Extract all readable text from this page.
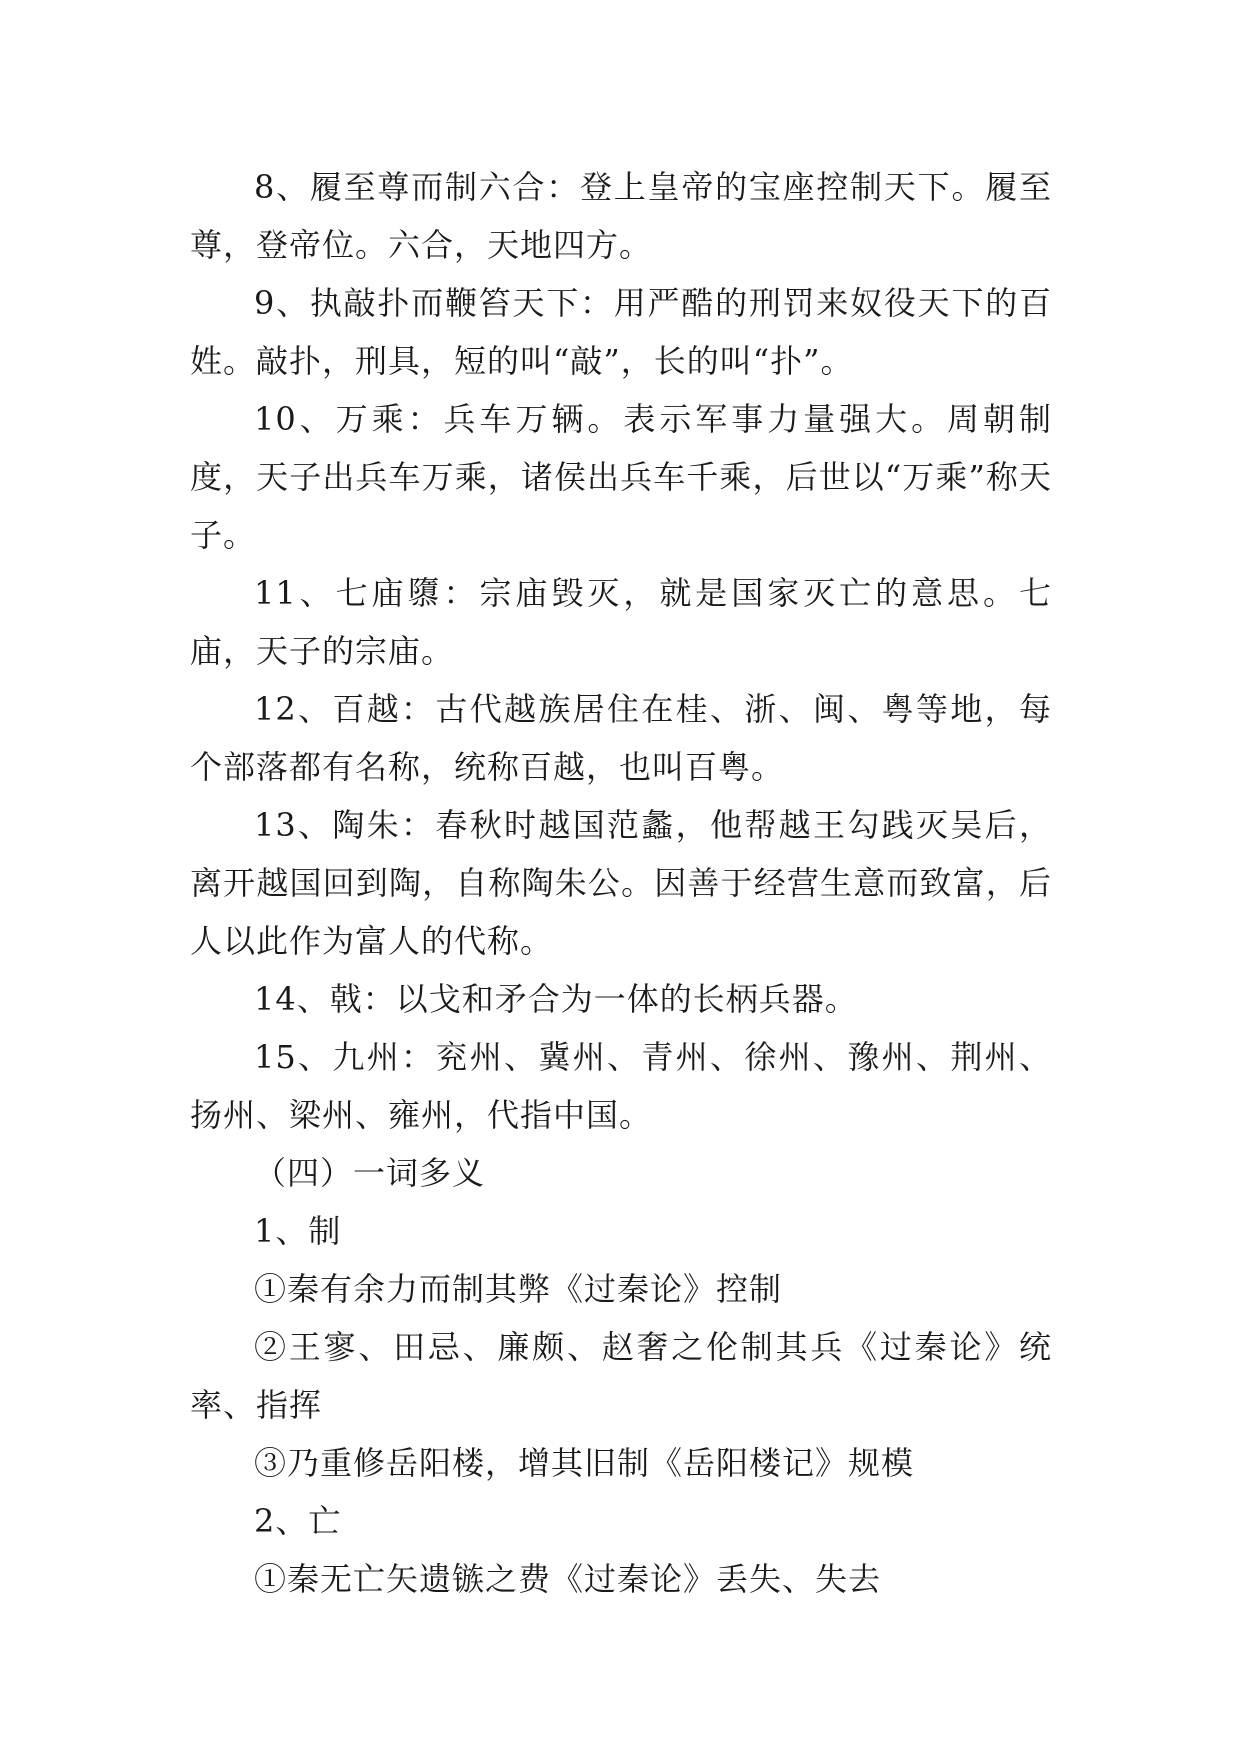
8、履至尊而制六合：登上皇帝的宝座控制天下。履至尊，登帝位。六合，天地四方。

9、执敲扑而鞭笞天下：用严酷的刑罚来奴役天下的百姓。敲扑，刑具，短的叫“敲”，长的叫“扑”。

10、万乘：兵车万辆。表示军事力量强大。周朝制度，天子出兵车万乘，诸侯出兵车千乘，后世以“万乘”称天子。

11、七庙隳：宗庙毁灭，就是国家灭亡的意思。七庙，天子的宗庙。

12、百越：古代越族居住在桂、浙、闽、粤等地，每个部落都有名称，统称百越，也叫百粤。

13、陶朱：春秋时越国范蠡，他帮越王勾践灭吴后，离开越国回到陶，自称陶朱公。因善于经营生意而致富，后人以此作为富人的代称。

14、戟：以戈和矛合为一体的长柄兵器。

15、九州：兖州、冀州、青州、徐州、豫州、荆州、扬州、梁州、雍州，代指中国。

（四）一词多义

1、制

①秦有余力而制其弊《过秦论》控制

②王寥、田忌、廉颇、赵奢之伦制其兵《过秦论》统率、指挥

③乃重修岳阳楼，增其旧制《岳阳楼记》规模

2、亡

①秦无亡矢遗镞之费《过秦论》丢失、失去
